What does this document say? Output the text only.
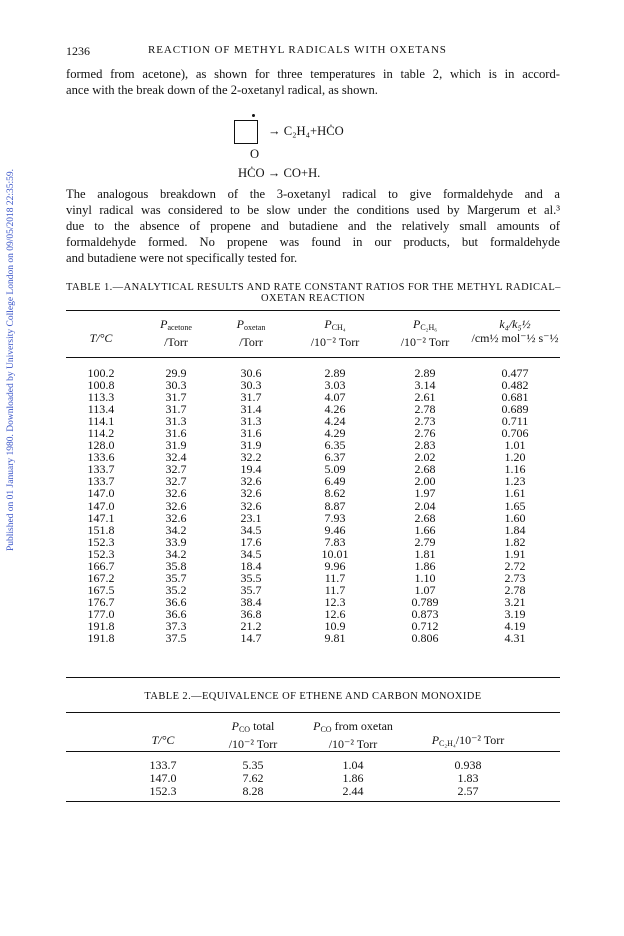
Published on 01 January 1980. Downloaded by University College London on 09/05/2018 22:35:59.
1236	REACTION OF METHYL RADICALS WITH OXETANS
formed from acetone), as shown for three temperatures in table 2, which is in accord-
ance with the break down of the 2-oxetanyl radical, as shown.
→ C₂H₄+HĊO
O
HĊO → CO+H.
The analogous breakdown of the 3-oxetanyl radical to give formaldehyde and a
vinyl radical was considered to be slow under the conditions used by Margerum et al.³
due to the absence of propene and butadiene and the relatively small amounts of
formaldehyde formed. No propene was found in our products, but formaldehyde
and butadiene were not specifically tested for.
TABLE 1.—ANALYTICAL RESULTS AND RATE CONSTANT RATIOS FOR THE METHYL RADICAL–
OXETAN REACTION
T/°C
$P_{acetone}$
/Torr
$P_{oxetan}$
/Torr
$P_{CH_4}$
/10⁻² Torr
$P_{C_2H_6}$
/10⁻² Torr
k₄/k₅½
/cm½ mol⁻½ s⁻½
100.2	29.9	30.6	2.89	2.89	0.477
100.8	30.3	30.3	3.03	3.14	0.482
113.3	31.7	31.7	4.07	2.61	0.681
113.4	31.7	31.4	4.26	2.78	0.689
114.1	31.3	31.3	4.24	2.73	0.711
114.2	31.6	31.6	4.29	2.76	0.706
128.0	31.9	31.9	6.35	2.83	1.01
133.6	32.4	32.2	6.37	2.02	1.20
133.7	32.7	19.4	5.09	2.68	1.16
133.7	32.7	32.6	6.49	2.00	1.23
147.0	32.6	32.6	8.62	1.97	1.61
147.0	32.6	32.6	8.87	2.04	1.65
147.1	32.6	23.1	7.93	2.68	1.60
151.8	34.2	34.5	9.46	1.66	1.84
152.3	33.9	17.6	7.83	2.79	1.82
152.3	34.2	34.5	10.01	1.81	1.91
166.7	35.8	18.4	9.96	1.86	2.72
167.2	35.7	35.5	11.7	1.10	2.73
167.5	35.2	35.7	11.7	1.07	2.78
176.7	36.6	38.4	12.3	0.789	3.21
177.0	36.6	36.8	12.6	0.873	3.19
191.8	37.3	21.2	10.9	0.712	4.19
191.8	37.5	14.7	9.81	0.806	4.31
TABLE 2.—EQUIVALENCE OF ETHENE AND CARBON MONOXIDE
T/°C
$P_{CO}$ total
/10⁻² Torr
$P_{CO}$ from oxetan
/10⁻² Torr	$P_{C_2H_4}/10^{-2}$ Torr
133.7	5.35	1.04	0.938
147.0	7.62	1.86	1.83
152.3	8.28	2.44	2.57
